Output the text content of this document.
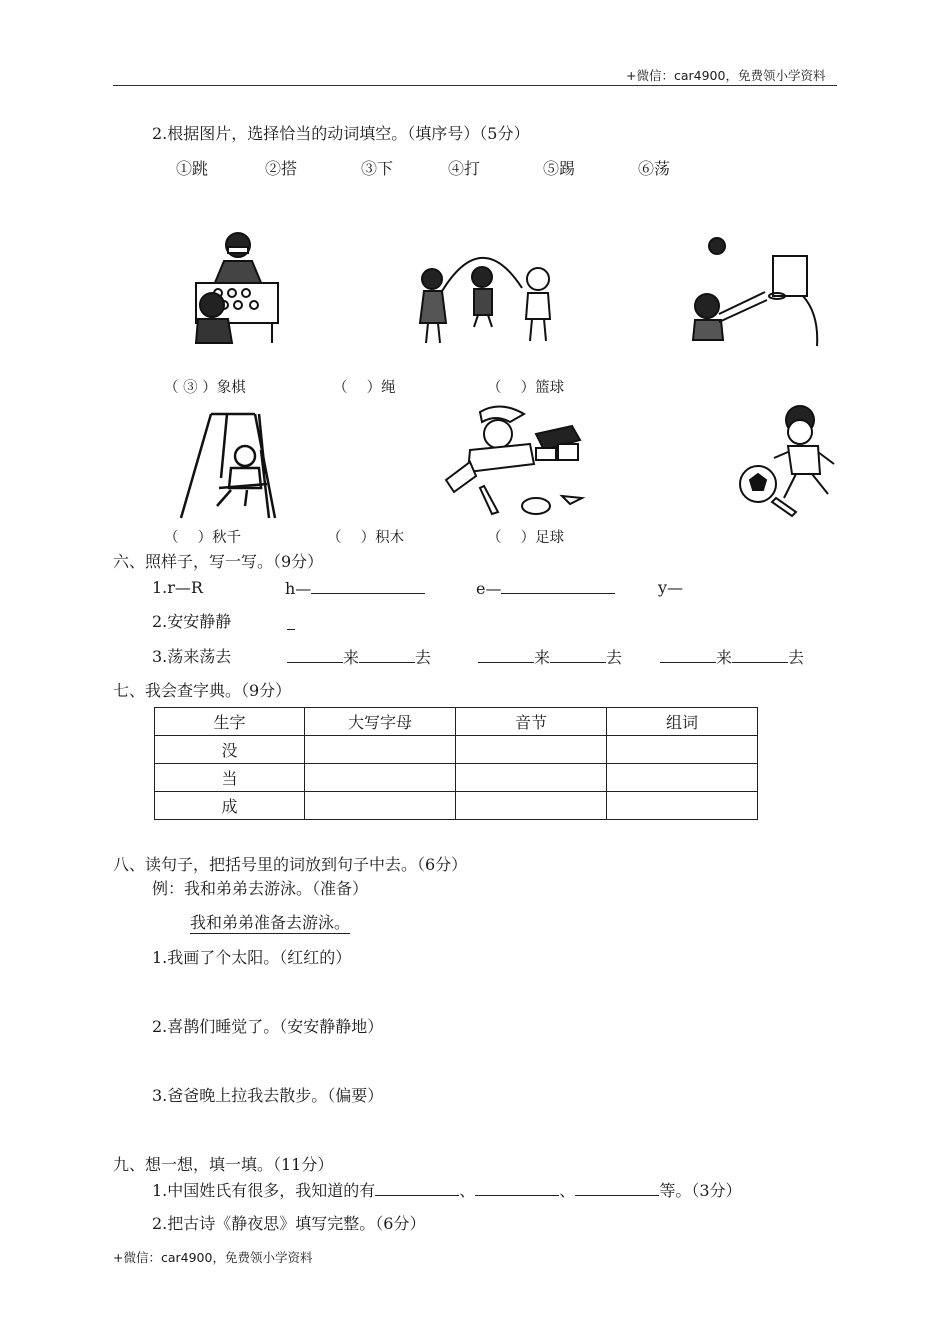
+微信：car4900，免费领小学资料
2.根据图片，选择恰当的动词填空。（填序号）（5分）
①跳	②搭	③下	④打	⑤踢	⑥荡
（ ③ ）象棋	（　 ）绳	（　 ）篮球
（　 ）秋千	（　 ）积木	（　 ）足球
六、照样子，写一写。（9分）
1.r—R	h—	e—	y—
2.安安静静
3.荡来荡去	来	去	来	去	来	去
七、我会查字典。（9分）
生字	大写字母	音节	组词
没			
当			
成			
八、读句子，把括号里的词放到句子中去。（6分）
例：我和弟弟去游泳。（准备）
我和弟弟准备去游泳。
1.我画了个太阳。（红红的）
2.喜鹊们睡觉了。（安安静静地）
3.爸爸晚上拉我去散步。（偏要）
九、想一想，填一填。（11分）
1.中国姓氏有很多，我知道的有	、	、	等。（3分）
2.把古诗《静夜思》填写完整。（6分）
+微信：car4900，免费领小学资料
